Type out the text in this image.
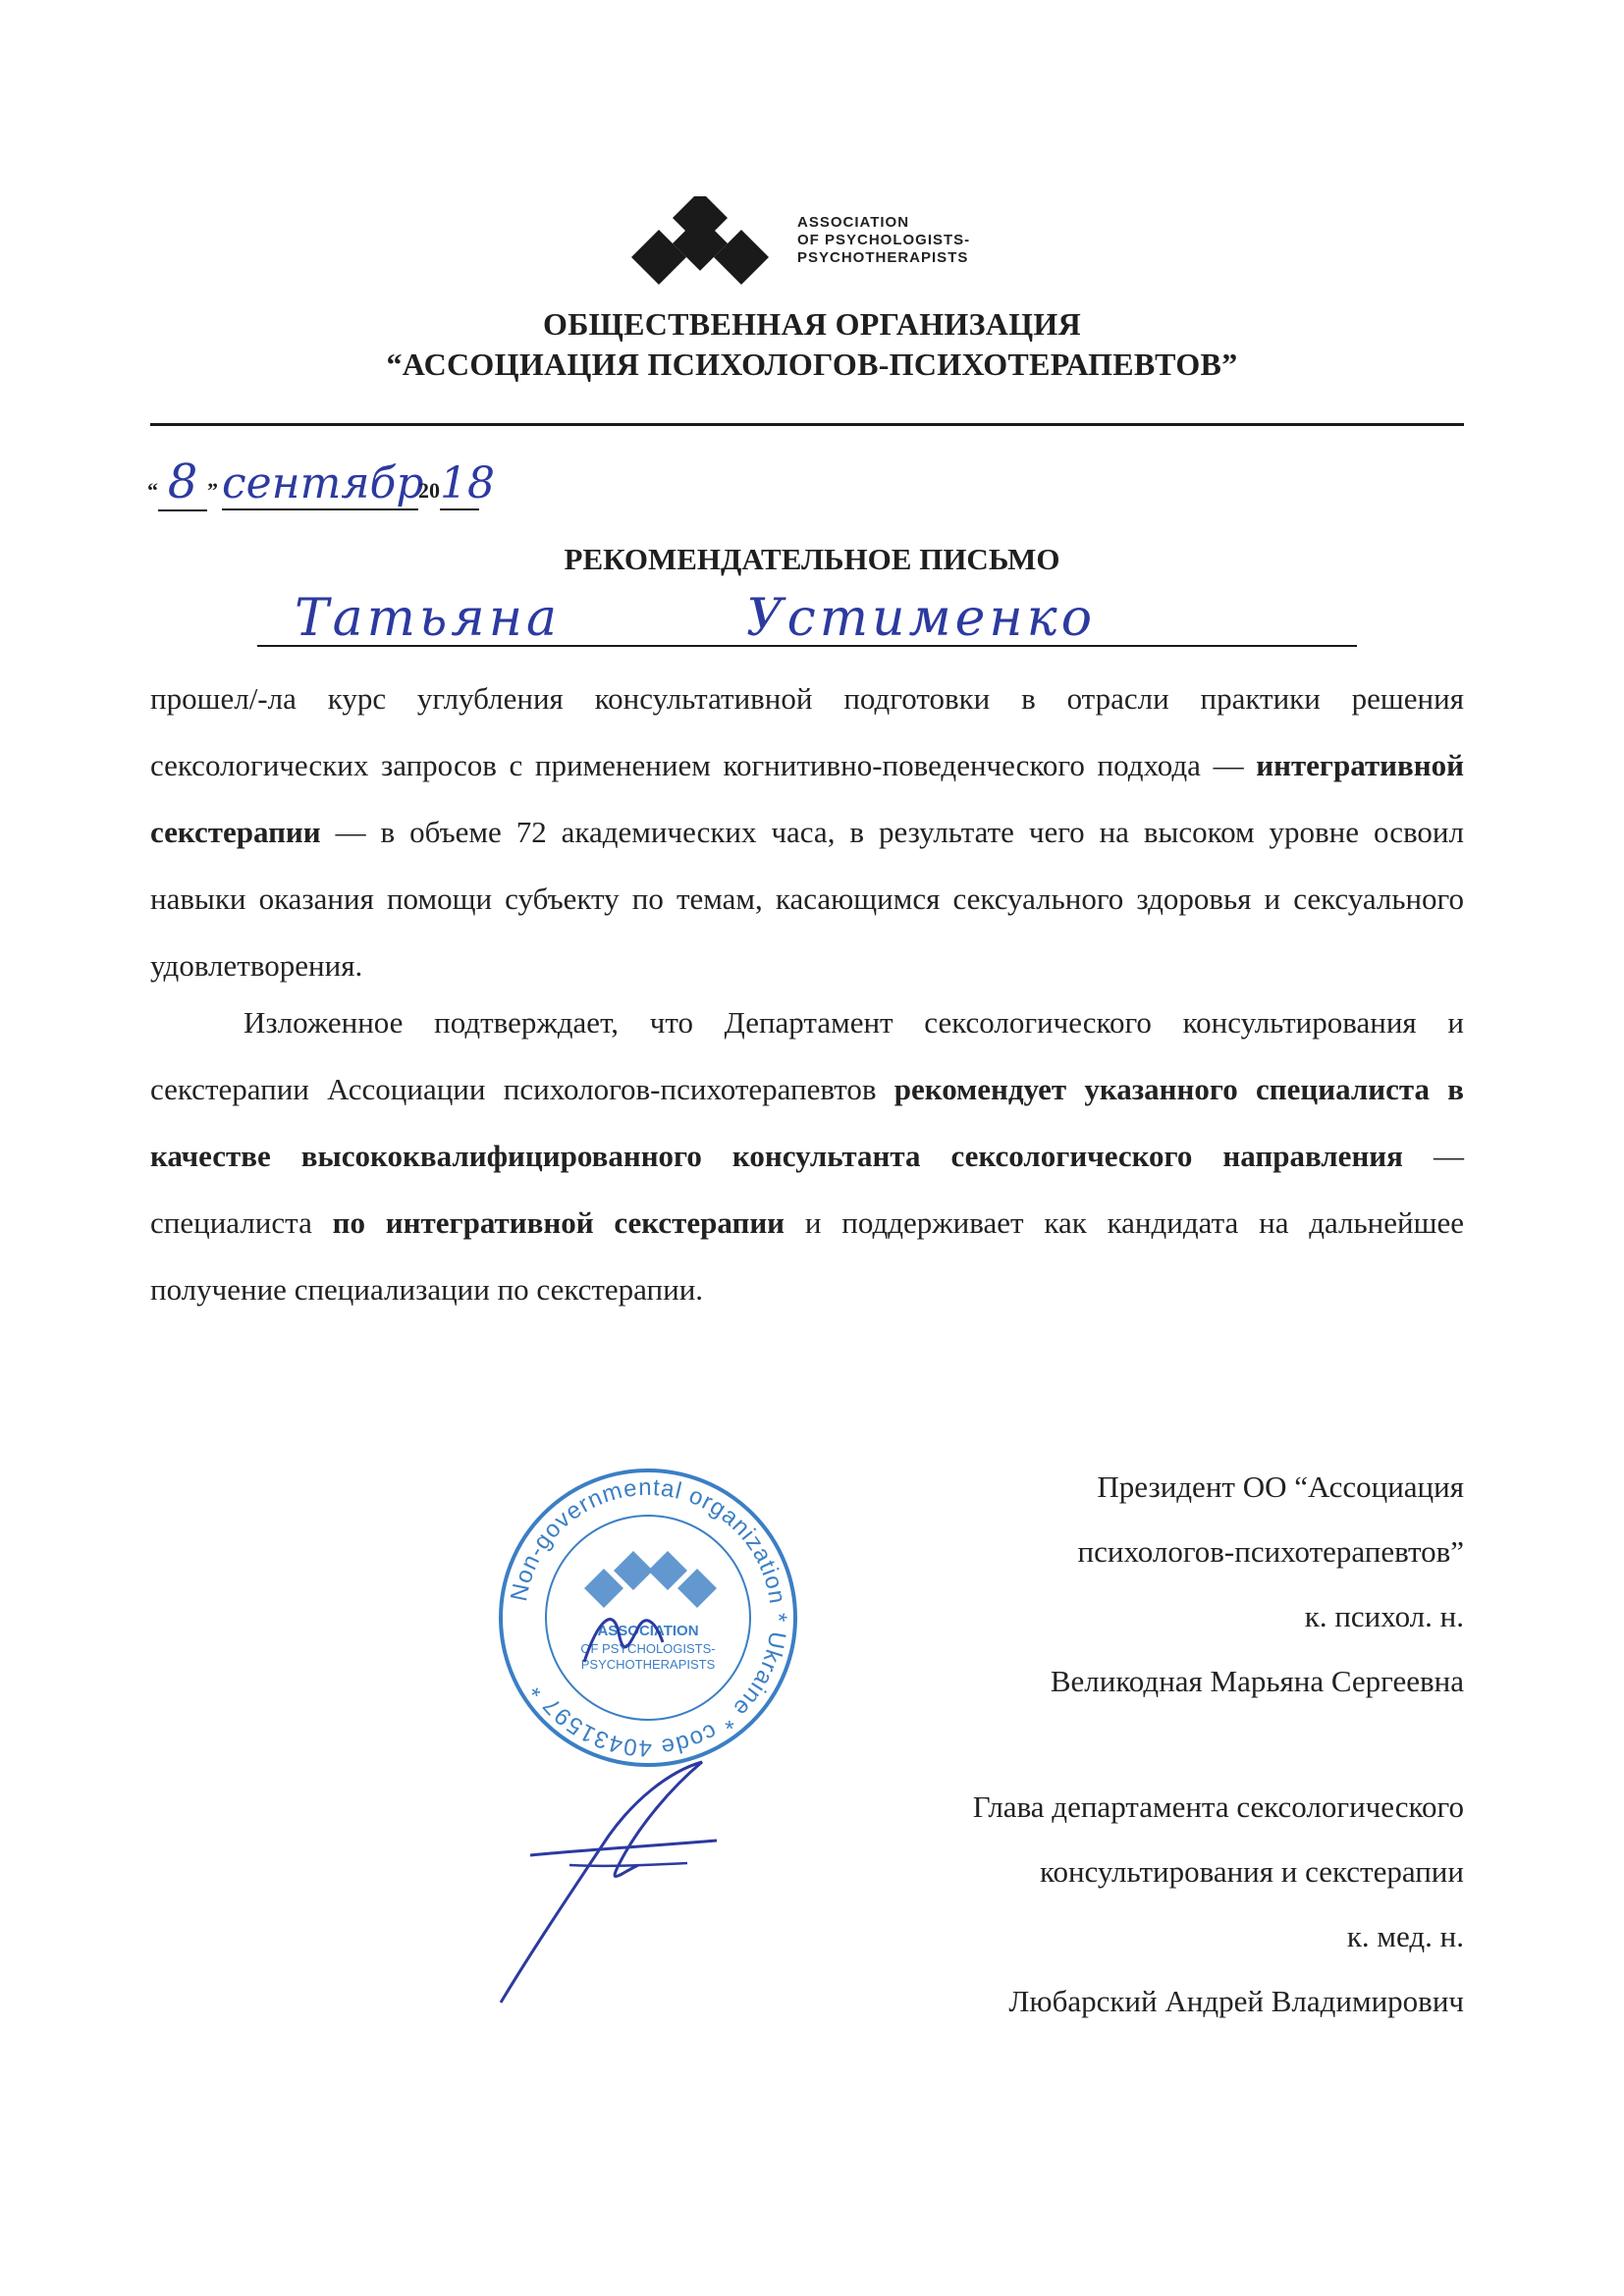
ASSOCIATION
OF PSYCHOLOGISTS-
PSYCHOTHERAPISTS
ОБЩЕСТВЕННАЯ ОРГАНИЗАЦИЯ
“АССОЦИАЦИЯ ПСИХОЛОГОВ-ПСИХОТЕРАПЕВТОВ”
“ 8 ” сентябр2018
РЕКОМЕНДАТЕЛЬНОЕ ПИСЬМО
Татьяна	Устименко
прошел/-ла курс углубления консультативной подготовки в отрасли практики решения сексологических запросов с применением когнитивно-поведенческого подхода — интегративной секстерапии — в объеме 72 академических часа, в результате чего на высоком уровне освоил навыки оказания помощи субъекту по темам, касающимся сексуального здоровья и сексуального удовлетворения.
Изложенное подтверждает, что Департамент сексологического консультирования и секстерапии Ассоциации психологов-психотерапевтов рекомендует указанного специалиста в качестве высококвалифицированного консультанта сексологического направления — специалиста по интегративной секстерапии и поддерживает как кандидата на дальнейшее получение специализации по секстерапии.
Non-governmental organization * Ukraine * code 40431597 *
ASSOCIATION
OF PSYCHOLOGISTS-
PSYCHOTHERAPISTS
Президент ОО “Ассоциация
психологов-психотерапевтов”
к. психол. н.
Великодная Марьяна Сергеевна
Глава департамента сексологического
консультирования и секстерапии
к. мед. н.
Любарский Андрей Владимирович
